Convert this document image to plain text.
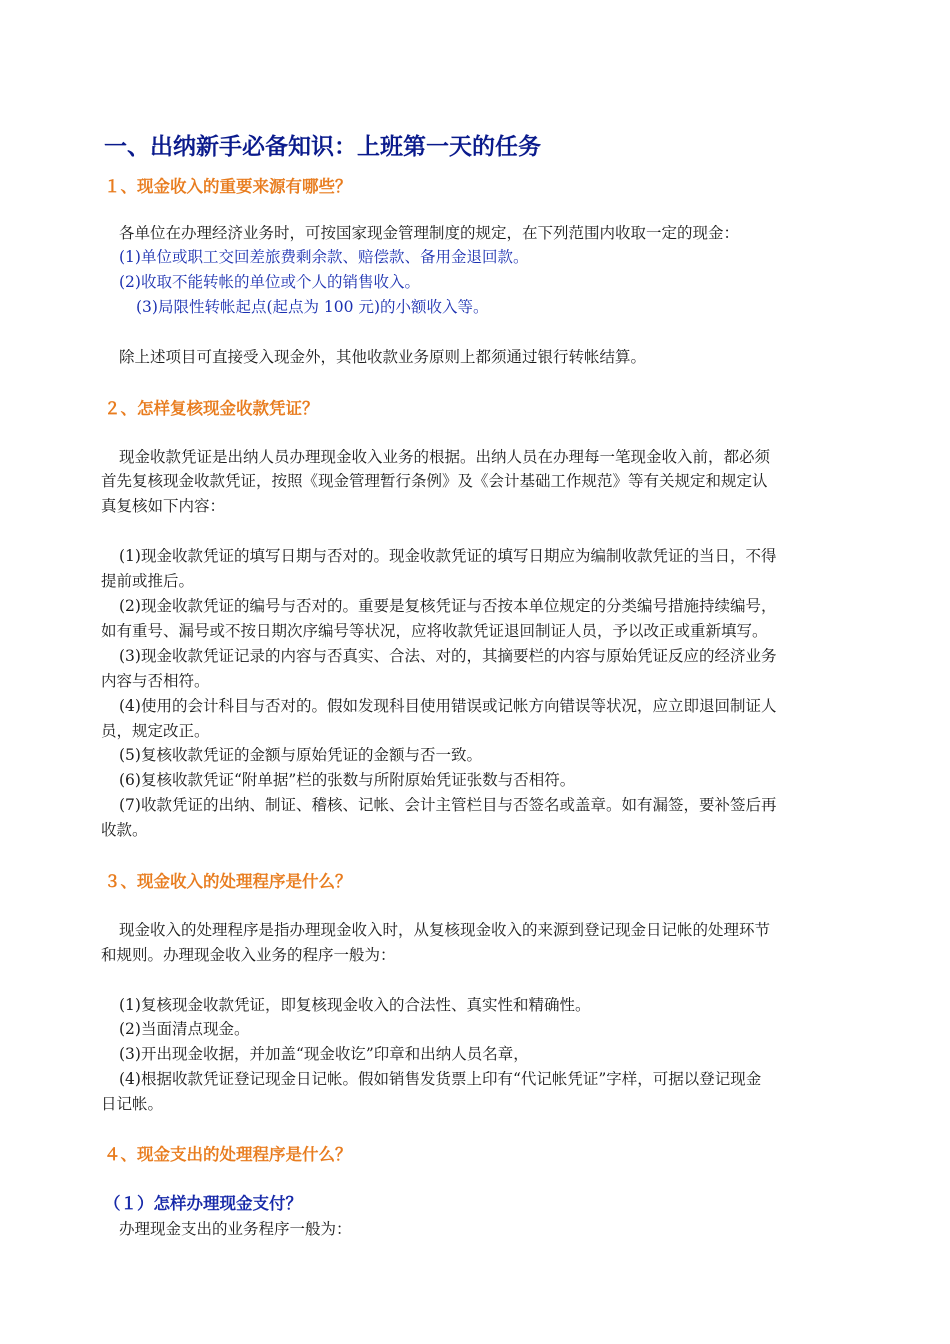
一、出纳新手必备知识：上班第一天的任务
１、现金收入的重要来源有哪些？
各单位在办理经济业务时，可按国家现金管理制度的规定，在下列范围内收取一定的现金：
(1)单位或职工交回差旅费剩余款、赔偿款、备用金退回款。
(2)收取不能转帐的单位或个人的销售收入。
(3)局限性转帐起点(起点为 100 元)的小额收入等。
除上述项目可直接受入现金外，其他收款业务原则上都须通过银行转帐结算。
２、怎样复核现金收款凭证？
现金收款凭证是出纳人员办理现金收入业务的根据。出纳人员在办理每一笔现金收入前，都必须
首先复核现金收款凭证，按照《现金管理暂行条例》及《会计基础工作规范》等有关规定和规定认
真复核如下内容：
(1)现金收款凭证的填写日期与否对的。现金收款凭证的填写日期应为编制收款凭证的当日，不得
提前或推后。
(2)现金收款凭证的编号与否对的。重要是复核凭证与否按本单位规定的分类编号措施持续编号，
如有重号、漏号或不按日期次序编号等状况，应将收款凭证退回制证人员，予以改正或重新填写。
(3)现金收款凭证记录的内容与否真实、合法、对的，其摘要栏的内容与原始凭证反应的经济业务
内容与否相符。
(4)使用的会计科目与否对的。假如发现科目使用错误或记帐方向错误等状况，应立即退回制证人
员，规定改正。
(5)复核收款凭证的金额与原始凭证的金额与否一致。
(6)复核收款凭证“附单据”栏的张数与所附原始凭证张数与否相符。
(7)收款凭证的出纳、制证、稽核、记帐、会计主管栏目与否签名或盖章。如有漏签，要补签后再
收款。
３、现金收入的处理程序是什么？
现金收入的处理程序是指办理现金收入时，从复核现金收入的来源到登记现金日记帐的处理环节
和规则。办理现金收入业务的程序一般为：
(1)复核现金收款凭证，即复核现金收入的合法性、真实性和精确性。
(2)当面清点现金。
(3)开出现金收据，并加盖“现金收讫”印章和出纳人员名章，
(4)根据收款凭证登记现金日记帐。假如销售发货票上印有“代记帐凭证”字样，可据以登记现金
日记帐。
４、现金支出的处理程序是什么？
（１）怎样办理现金支付？
办理现金支出的业务程序一般为：
